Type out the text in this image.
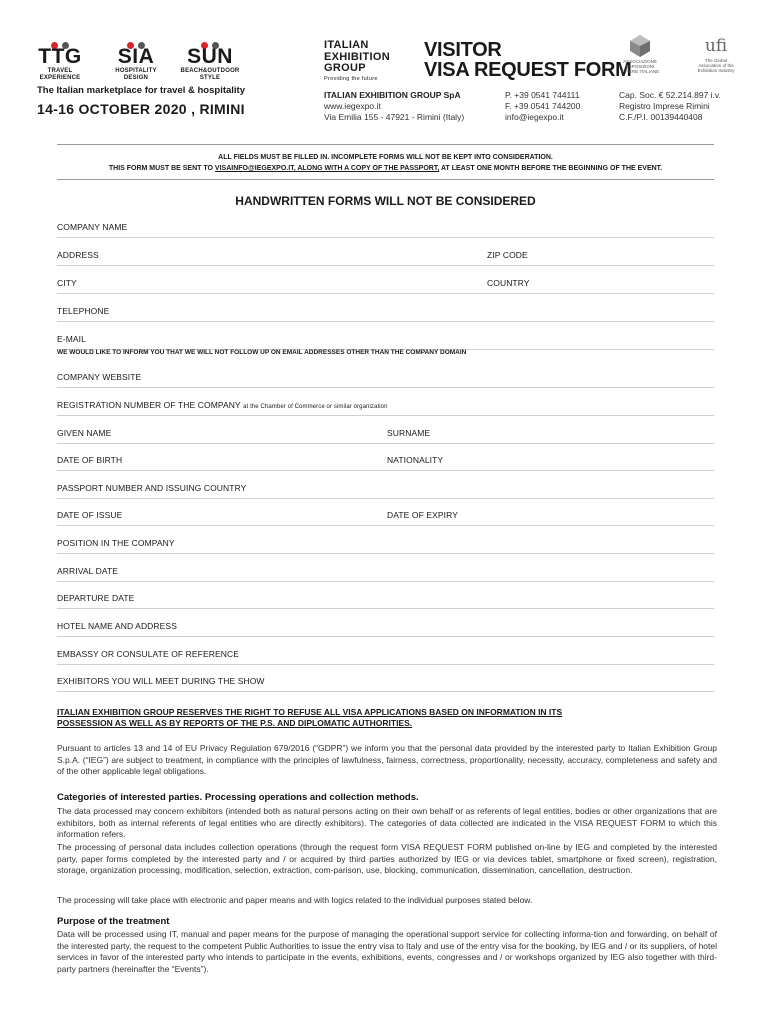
TTG
TRAVEL
EXPERIENCE
SIA
HOSPITALITY
DESIGN
SUN
BEACH&OUTDOOR
STYLE
The Italian marketplace for travel & hospitality
14-16 OCTOBER 2020 , RIMINI
ITALIAN
EXHIBITION
GROUP
Providing the future
VISITOR
VISA REQUEST FORM
ASSOCIAZIONE
ESPOSIZIONI
E FIERE ITALIANE
ufi
The Global
Association of the
Exhibition Industry
ITALIAN EXHIBITION GROUP SpA
www.iegexpo.it
Via Emilia 155 - 47921 - Rimini (Italy)
P. +39 0541 744111
F. +39 0541 744200
info@iegexpo.it
Cap. Soc. € 52.214.897 i.v.
Registro Imprese Rimini
C.F./P.I. 00139440408
ALL FIELDS MUST BE FILLED IN. INCOMPLETE FORMS WILL NOT BE KEPT INTO CONSIDERATION.
THIS FORM MUST BE SENT TO VISAINFO@IEGEXPO.IT, ALONG WITH A COPY OF THE PASSPORT, AT LEAST ONE MONTH BEFORE THE BEGINNING OF THE EVENT.
HANDWRITTEN FORMS WILL NOT BE CONSIDERED
COMPANY NAME
ADDRESS	ZIP CODE
CITY	COUNTRY
TELEPHONE
E-MAIL
WE WOULD LIKE TO INFORM YOU THAT WE WILL NOT FOLLOW UP ON EMAIL ADDRESSES OTHER THAN THE COMPANY DOMAIN
COMPANY WEBSITE
REGISTRATION NUMBER OF THE COMPANY at the Chamber of Commerce or similar organization
GIVEN NAME	SURNAME
DATE OF BIRTH	NATIONALITY
PASSPORT NUMBER AND ISSUING COUNTRY
DATE OF ISSUE	DATE OF EXPIRY
POSITION IN THE COMPANY
ARRIVAL DATE
DEPARTURE DATE
HOTEL NAME AND ADDRESS
EMBASSY OR CONSULATE OF REFERENCE
EXHIBITORS YOU WILL MEET DURING THE SHOW
ITALIAN EXHIBITION GROUP RESERVES THE RIGHT TO REFUSE ALL VISA APPLICATIONS BASED ON INFORMATION IN ITS
POSSESSION AS WELL AS BY REPORTS OF THE P.S. AND DIPLOMATIC AUTHORITIES.
Pursuant to articles 13 and 14 of EU Privacy Regulation 679/2016 (“GDPR”) we inform you that the personal data provided by the interested party to Italian Exhibition Group S.p.A. (“IEG”) are subject to treatment, in compliance with the principles of lawfulness, fairness, correctness, proportionality, necessity, accuracy, completeness and safety and of the other applicable legal obligations.
Categories of interested parties. Processing operations and collection methods.
The data processed may concern exhibitors (intended both as natural persons acting on their own behalf or as referents of legal entities, bodies or other organizations that are exhibitors, both as internal referents of legal entities who are directly exhibitors). The categories of data collected are indicated in the VISA REQUEST FORM to which this information refers.
The processing of personal data includes collection operations (through the request form VISA REQUEST FORM published on-line by IEG and completed by the interested party, paper forms completed by the interested party and / or acquired by third parties authorized by IEG or via devices tablet, smartphone or fixed screen), registration, storage, organization processing, modification, selection, extraction, com-parison, use, blocking, communication, dissemination, cancellation, destruction.
The processing will take place with electronic and paper means and with logics related to the individual purposes stated below.
Purpose of the treatment
Data will be processed using IT, manual and paper means for the purpose of managing the operational support service for collecting informa-tion and forwarding, on behalf of the interested party, the request to the competent Public Authorities to issue the entry visa to Italy and use of the entry visa for the booking, by IEG and / or its suppliers, of hotel services in favor of the interested party who intends to participate in the events, exhibitions, events, congresses and / or workshops organized by IEG also together with third-party partners (hereinafter the “Events”).
